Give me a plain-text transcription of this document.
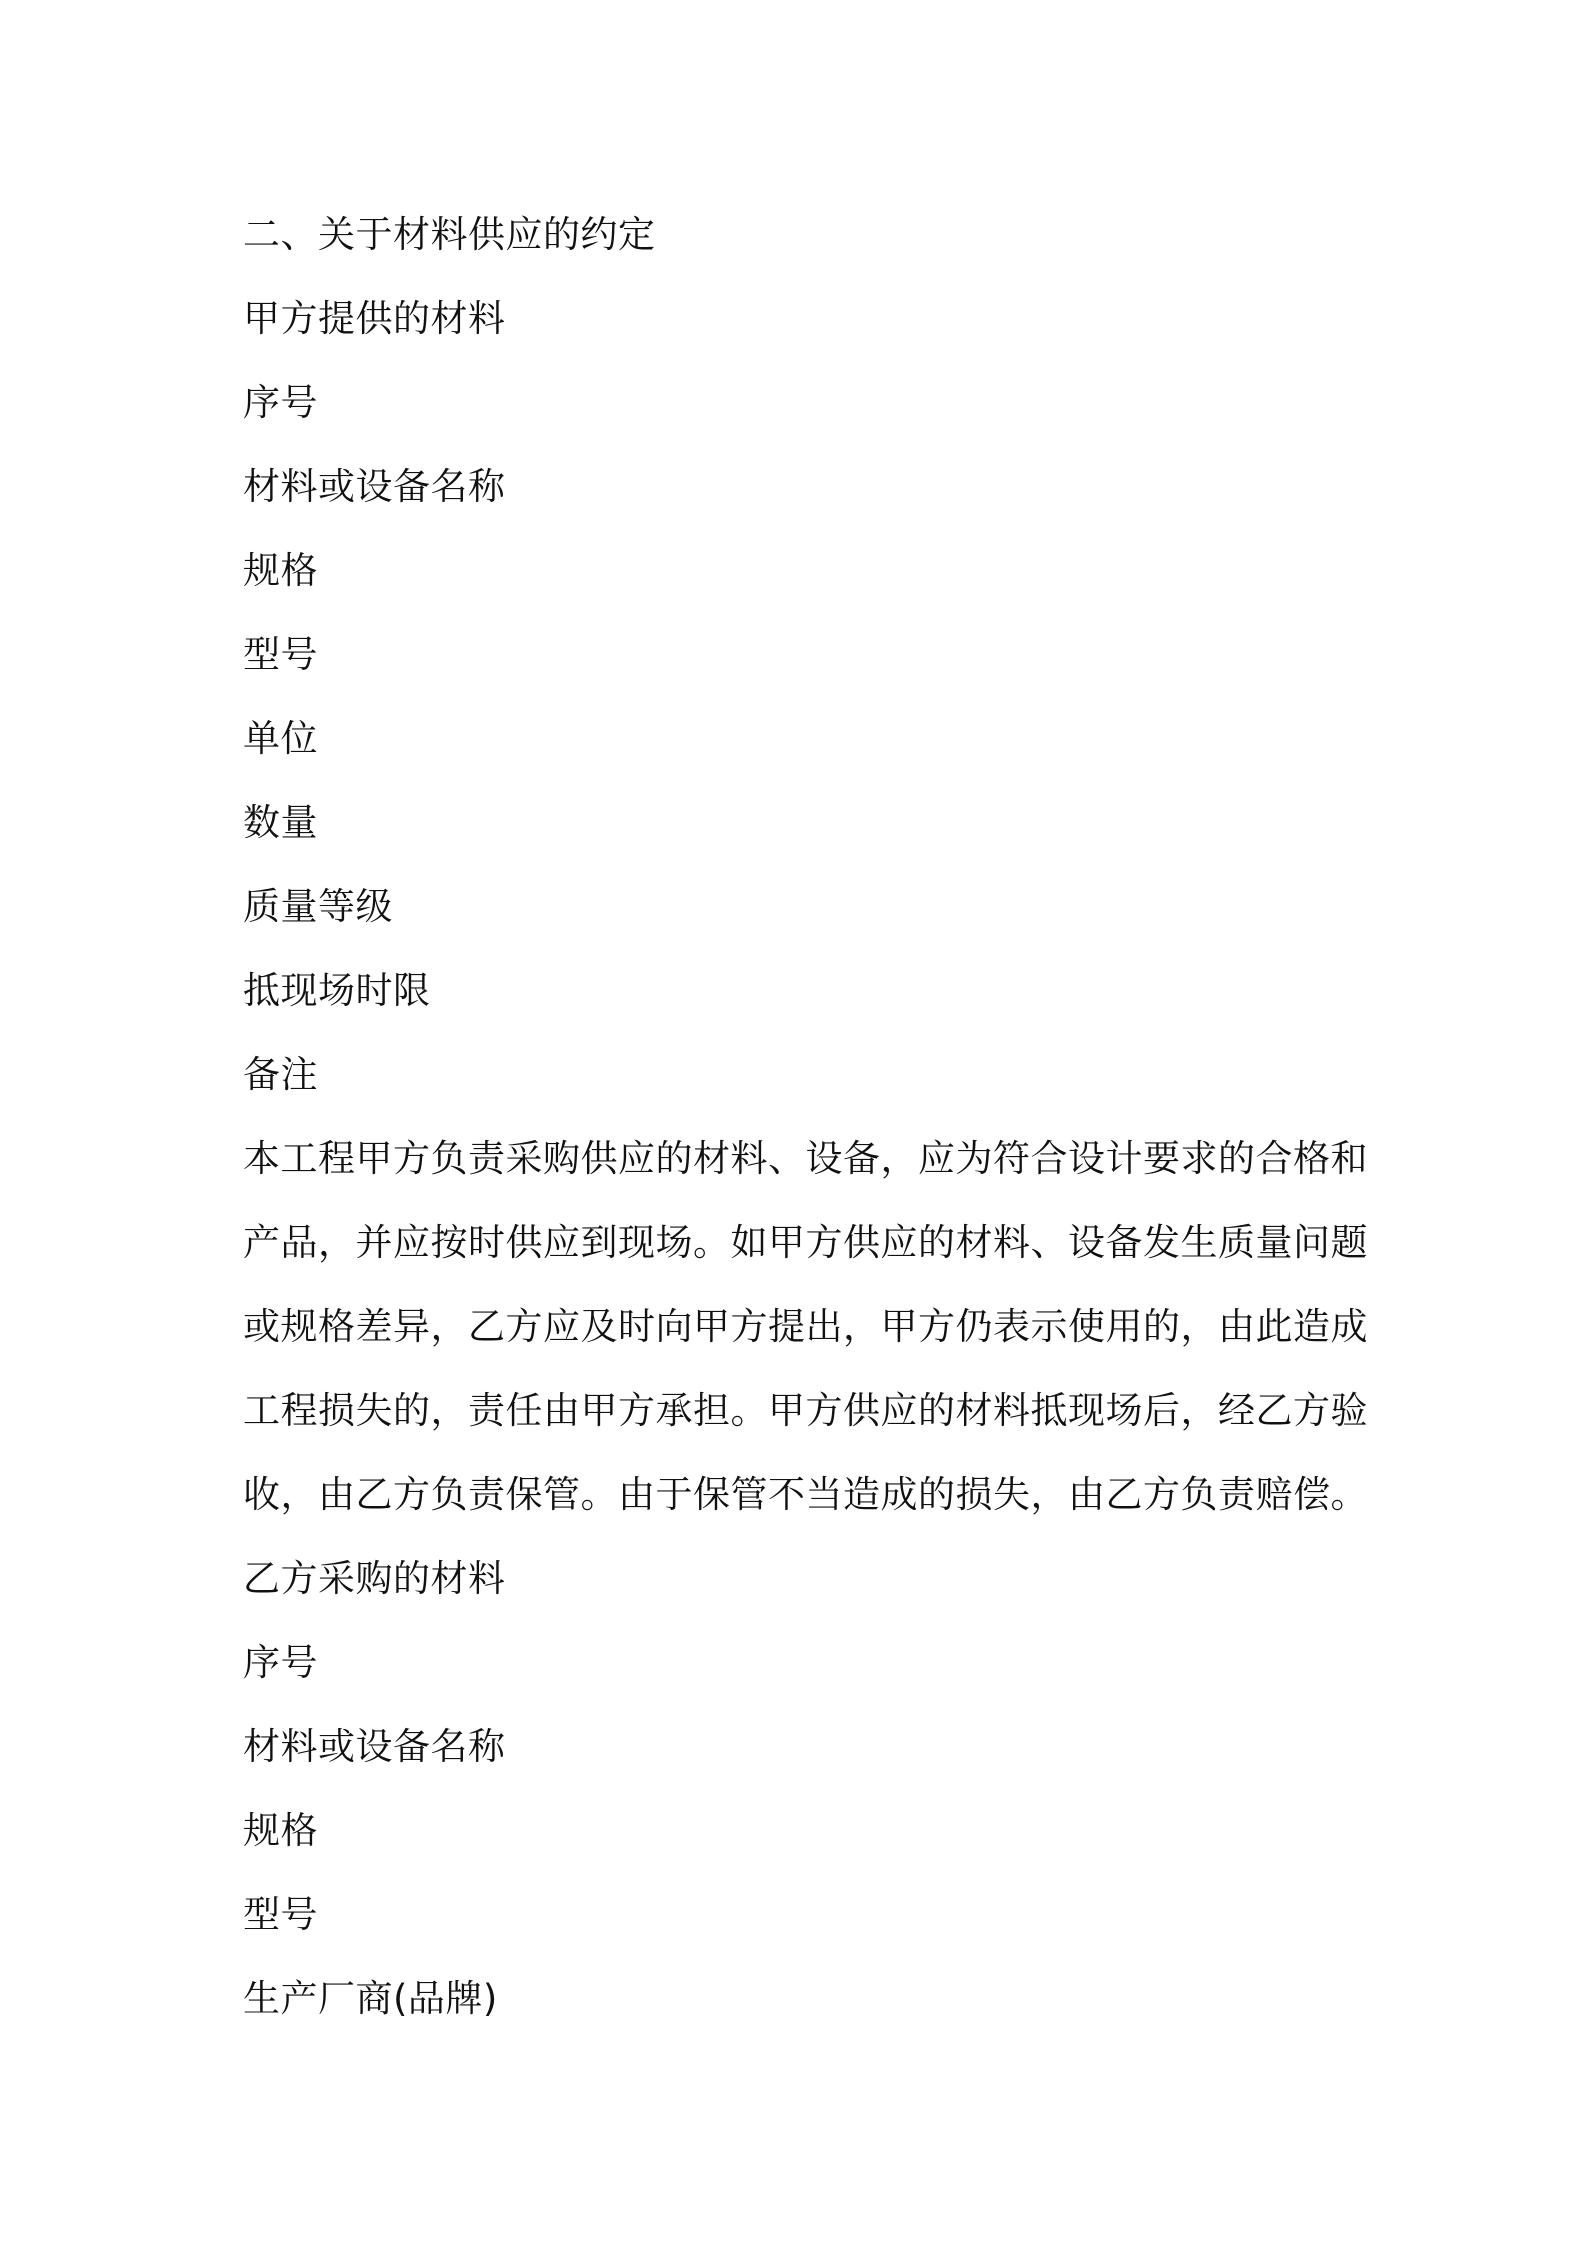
二、关于材料供应的约定
甲方提供的材料
序号
材料或设备名称
规格
型号
单位
数量
质量等级
抵现场时限
备注
本工程甲方负责采购供应的材料、设备，应为符合设计要求的合格和产品，并应按时供应到现场。如甲方供应的材料、设备发生质量问题或规格差异，乙方应及时向甲方提出，甲方仍表示使用的，由此造成工程损失的，责任由甲方承担。甲方供应的材料抵现场后，经乙方验收，由乙方负责保管。由于保管不当造成的损失，由乙方负责赔偿。
乙方采购的材料
序号
材料或设备名称
规格
型号
生产厂商(品牌)
